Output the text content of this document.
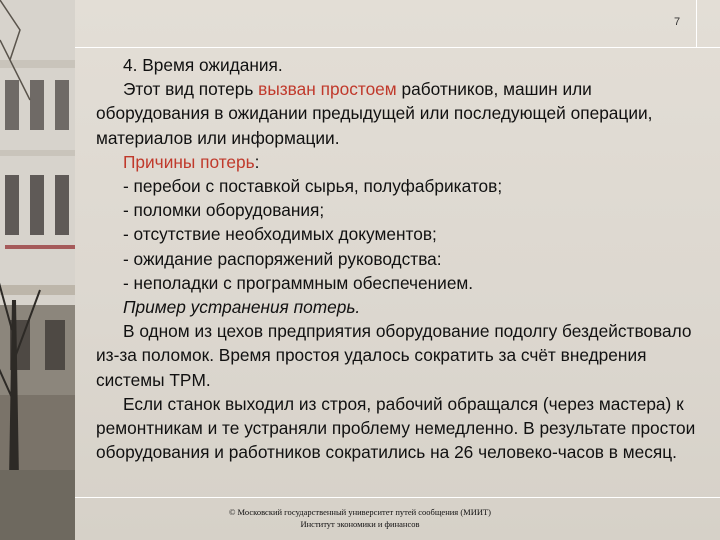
7

4. Время ожидания.

Этот вид потерь вызван простоем работников, машин или оборудования в ожидании предыдущей или последующей операции, материалов или информации.

Причины потерь:

- перебои с поставкой сырья, полуфабрикатов;

- поломки оборудования;

- отсутствие необходимых документов;

- ожидание распоряжений руководства:

- неполадки с программным обеспечением.

Пример устранения потерь.

В одном из цехов предприятия оборудование подолгу бездействовало из-за поломок. Время простоя удалось сократить за счёт внедрения системы TPM.

Если станок выходил из строя, рабочий обращался (через мастера) к ремонтникам и те устраняли проблему немедленно. В результате простои оборудования и работников сократились на 26 человеко-часов в месяц.

© Московский государственный университет путей сообщения (МИИТ)
Институт экономики и финансов
